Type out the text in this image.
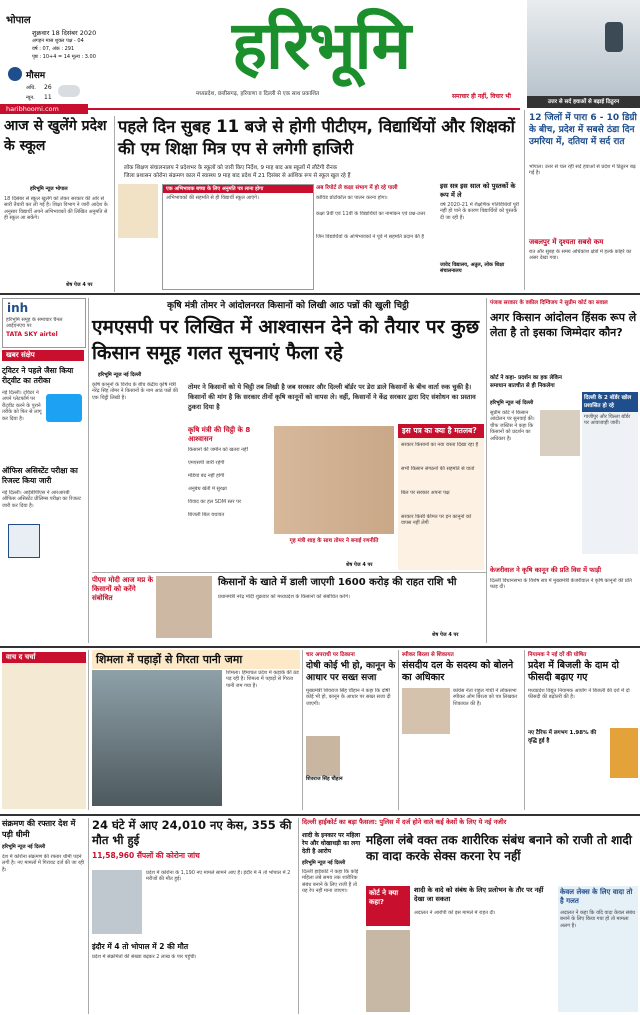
भोपाल
शुक्रवार 18 दिसंबर 2020
अगहन मास शुक्ल पक्ष - 04
वर्ष : 07, अंक : 291
पृष्ठ : 10+4 = 14 मूल्य : 3.00
मौसम
अधि. 26
न्यून. 11
हरिभूमि
मध्यप्रदेश, छत्तीसगढ़, हरियाणा व दिल्ली से एक साथ प्रकाशित	समाचार ही नहीं, विचार भी
haribhoomi.com
उत्तर से सर्द हवाओं से बढ़ाई ठिठुरन
12 जिलों में पारा 6 - 10 डिग्री के बीच, प्रदेश में सबसे ठंडा दिन उमरिया में, दतिया में सर्द रात
भोपाल। उत्तर से चल रही सर्द हवाओं से प्रदेश में ठिठुरन बढ़ गई है।
जबलपुर में दृश्यता सबसे कम
रात और सुबह के समय अधिकांश क्षेत्रों में हल्के कोहरे का असर देखा गया।
आज से खुलेंगे प्रदेश के स्कूल
हरिभूमि न्यूज भोपाल
18 दिसंबर से स्कूल खुलेंगे को लेकर सरकार की ओर से सारी तैयारी कर ली गई है। शिक्षा विभाग ने जारी आदेश के अनुसार विद्यार्थी अपने अभिभावकों की लिखित अनुमति से ही स्कूल आ सकेंगे।
शेष पेज 4 पर
पहले दिन सुबह 11 बजे से होगी पीटीएम, विद्यार्थियों और शिक्षकों की एम शिक्षा मित्र एप से लगेगी हाजिरी
लोक शिक्षण संचालनालय ने प्रदेशभर के स्कूलों को जारी किए निर्देश, 9 माह बाद अब स्कूलों में लौटेगी रौनक
जिला प्रशासन कोरोना संक्रमण काल में स्वास्थ्य 9 माह बाद प्रदेश में 21 दिसंबर से आंशिक रूप से स्कूल खुल रहे हैं
एक अभिभावक बच्चा के लिए अनुमति पत्र लाना होगा
अभिभावकों की सहमति से ही विद्यार्थी स्कूल आएंगे।
अब रिपोर्ट ले कक्षा संभाग में हो रहे पाली
कोविड प्रोटोकॉल का पालन करना होगा।
कक्षा 9वीं एवं 11वीं के विद्यार्थियों का नामांकन एवं प्रश्न-उत्तर
जिन विद्यार्थियों के अभिभावकों ने पूर्व में सहमति प्रदान की है
इस सत्र इस साल को पुस्तकों के रूप में ले
वर्ष 2020-21 में शैक्षणिक गतिविधियाँ पूरी नहीं हो पाने के कारण विद्यार्थियों को पुस्तकें दी जा रही हैं।
जावेद विद्यालय, अतुल, लोक शिक्षा संचालनालय
inh
हरिभूमि समूह के समाचार चैनल आईएनएच पर
TATA SKY airtel
खबर संक्षेप
ट्विटर ने पहले जैसा किया रीट्वीट का तरीका
नई दिल्ली। ट्विटर ने अपने प्लेटफॉर्म पर रीट्वीट करने के पुराने तरीके को फिर से लागू कर दिया है।
ऑफिस असिस्टेंट परीक्षा का रिजल्ट किया जारी
नई दिल्ली। आईबीपीएस ने आरआरबी ऑफिस असिस्टेंट प्रीलिम्स परीक्षा का रिजल्ट जारी कर दिया है।
कृषि मंत्री तोमर ने आंदोलनरत किसानों को लिखी आठ पन्नों की खुली चिट्ठी
एमएसपी पर लिखित में आश्वासन देने को तैयार पर कुछ किसान समूह गलत सूचनाएं फैला रहे
हरिभूमि न्यूज नई दिल्ली
कृषि कानूनों के विरोध के बीच केंद्रीय कृषि मंत्री नरेंद्र सिंह तोमर ने किसानों के नाम आठ पन्नों की एक चिट्ठी लिखी है।
तोमर ने किसानों को ये चिट्ठी तब लिखी है जब सरकार और दिल्ली बॉर्डर पर डेरा डाले किसानों के बीच वार्ता रुक चुकी है। किसानों की मांग है कि सरकार तीनों कृषि कानूनों को वापस ले। वहीं, किसानों ने केंद्र सरकार द्वारा दिए संशोधन का प्रस्ताव ठुकरा दिया है
कृषि मंत्री की चिट्ठी के 8 आश्वासन
किसानों की जमीन को खतरा नहीं
एमएसपी जारी रहेगी
मंडियां बंद नहीं होंगी
अनुबंध खेती में सुरक्षा
विवाद का हल SDM स्तर पर
बिजली बिल यथावत
गृह मंत्री शाह के साथ तोमर ने बनाई रणनीति
इस पत्र का क्या है मतलब?
सरकार किसानों का नया रास्ता दिखा रहा है
सभी किसान संगठनों की सहमति से वार्ता
बिल पर सरकार अपना पक्ष
सरकार किसी कीमत पर इन कानूनों को वापस नहीं लेगी
शेष पेज 4 पर
पंजाब सरकार के वकील दिग्विजय ने सुप्रीम कोर्ट का सवाल
अगर किसान आंदोलन हिंसक रूप ले लेता है तो इसका जिम्मेदार कौन?
कोर्ट ने कहा- प्रदर्शन का हक लेकिन समाधान बातचीत से ही निकलेगा
दिल्ली के 2 बॉर्डर खोल प्रशासित हो रहे
गाजीपुर और चिल्ला बॉर्डर पर आवाजाही जारी।
हरिभूमि न्यूज नई दिल्ली
सुप्रीम कोर्ट ने किसान आंदोलन पर सुनवाई की। चीफ जस्टिस ने कहा कि किसानों को प्रदर्शन का अधिकार है।
केजरीवाल ने कृषि कानून की प्रति विस में फाड़ी
दिल्ली विधानसभा के विशेष सत्र में मुख्यमंत्री केजरीवाल ने कृषि कानूनों की प्रति फाड़ दी।
पीएम मोदी आज मप्र के किसानों को करेंगे संबोधित
किसानों के खाते में डाली जाएगी 1600 करोड़ की राहत राशि भी
प्रधानमंत्री नरेंद्र मोदी शुक्रवार को मध्यप्रदेश के किसानों को संबोधित करेंगे।
शेष पेज 4 पर
वाच द चर्चा	शिमला में पहाड़ों से गिरता पानी जमा
शिमला। हिमाचल प्रदेश में कड़ाके की ठंड पड़ रही है। शिमला में पहाड़ों से गिरता पानी जम गया है।
चार अपराधी पर ठिकाना
दोषी कोई भी हो, कानून के आधार पर सख्त सजा
मुख्यमंत्री शिवराज सिंह चौहान ने कहा कि दोषी कोई भी हो, कानून के आधार पर सख्त सजा दी जाएगी।
शिवराज सिंह चौहान
स्पीकर बिरला से शिकायत
संसदीय दल के सदस्य को बोलने का अधिकार
कांग्रेस नेता राहुल गांधी ने लोकसभा स्पीकर ओम बिरला को पत्र लिखकर शिकायत की है।
नियामक ने नई दरें की घोषित
प्रदेश में बिजली के दाम दो फीसदी बढ़ाए गए
मध्यप्रदेश विद्युत नियामक आयोग ने बिजली की दरों में दो फीसदी की बढ़ोतरी की है।
नए टैरिफ में लगभग 1.98% की वृद्धि हुई है
संक्रमण की रफ्तार देश में पड़ी धीमी
हरिभूमि न्यूज नई दिल्ली
देश में कोरोना संक्रमण की रफ्तार धीमी पड़ने लगी है। नए मामलों में गिरावट दर्ज की जा रही है।
24 घंटे में आए 24,010 नए केस, 355 की मौत भी हुई
11,58,960 सैंपलों की कोरोना जांच
प्रदेश में कोरोना के 1,190 नए मामले सामने आए हैं। इंदौर में 4 तो भोपाल में 2 मरीजों की मौत हुई।
इंदौर में 4 तो भोपाल में 2 की मौत
प्रदेश में संक्रमितों की संख्या बढ़कर 2 लाख के पार पहुंची।
दिल्ली हाईकोर्ट का बड़ा फैसला: पुलिस में दर्ज होने वाले कई केसों के लिए ये नई नजीर
शादी के इनकार पर महिला रेप और धोखाधड़ी का लगा देती है आरोप
हरिभूमि न्यूज नई दिल्ली
दिल्ली हाईकोर्ट ने कहा कि कोई महिला लंबे समय तक शारीरिक संबंध बनाने के लिए राजी है तो यह रेप नहीं माना जाएगा।
महिला लंबे वक्त तक शारीरिक संबंध बनाने को राजी तो शादी का वादा करके सेक्स करना रेप नहीं
कोर्ट ने क्या कहा?
शादी के वादे को संबंध के लिए प्रलोभन के तौर पर नहीं देखा जा सकता
अदालत ने आरोपी को इस मामले में राहत दी।
केवल लेक्स के लिए वादा तो है गलत
अदालत ने कहा कि यदि वादा केवल संबंध बनाने के लिए किया गया हो तो मामला अलग है।
